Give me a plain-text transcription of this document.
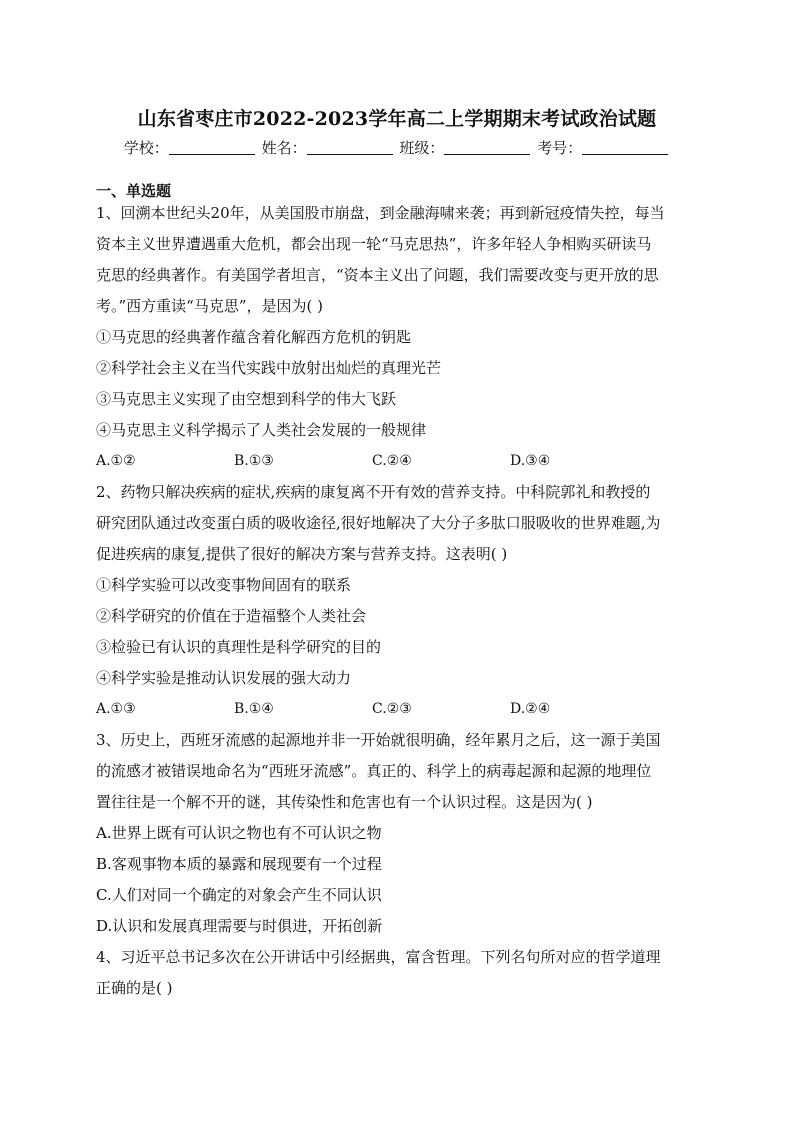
山东省枣庄市2022-2023学年高二上学期期末考试政治试题
学校：	姓名：	班级：	考号：
一、单选题
1、回溯本世纪头20年，从美国股市崩盘，到金融海啸来袭；再到新冠疫情失控，每当
资本主义世界遭遇重大危机，都会出现一轮“马克思热”，许多年轻人争相购买研读马
克思的经典著作。有美国学者坦言，“资本主义出了问题，我们需要改变与更开放的思
考。”西方重读“马克思”，是因为( )
①马克思的经典著作蕴含着化解西方危机的钥匙
②科学社会主义在当代实践中放射出灿烂的真理光芒
③马克思主义实现了由空想到科学的伟大飞跃
④马克思主义科学揭示了人类社会发展的一般规律
A.①②	B.①③	C.②④	D.③④
2、药物只解决疾病的症状,疾病的康复离不开有效的营养支持。中科院郭礼和教授的
研究团队通过改变蛋白质的吸收途径,很好地解决了大分子多肽口服吸收的世界难题,为
促进疾病的康复,提供了很好的解决方案与营养支持。这表明( )
①科学实验可以改变事物间固有的联系
②科学研究的价值在于造福整个人类社会
③检验已有认识的真理性是科学研究的目的
④科学实验是推动认识发展的强大动力
A.①③	B.①④	C.②③	D.②④
3、历史上，西班牙流感的起源地并非一开始就很明确，经年累月之后，这一源于美国
的流感才被错误地命名为“西班牙流感”。真正的、科学上的病毒起源和起源的地理位
置往往是一个解不开的谜，其传染性和危害也有一个认识过程。这是因为( )
A.世界上既有可认识之物也有不可认识之物
B.客观事物本质的暴露和展现要有一个过程
C.人们对同一个确定的对象会产生不同认识
D.认识和发展真理需要与时俱进，开拓创新
4、习近平总书记多次在公开讲话中引经据典，富含哲理。下列名句所对应的哲学道理
正确的是( )
